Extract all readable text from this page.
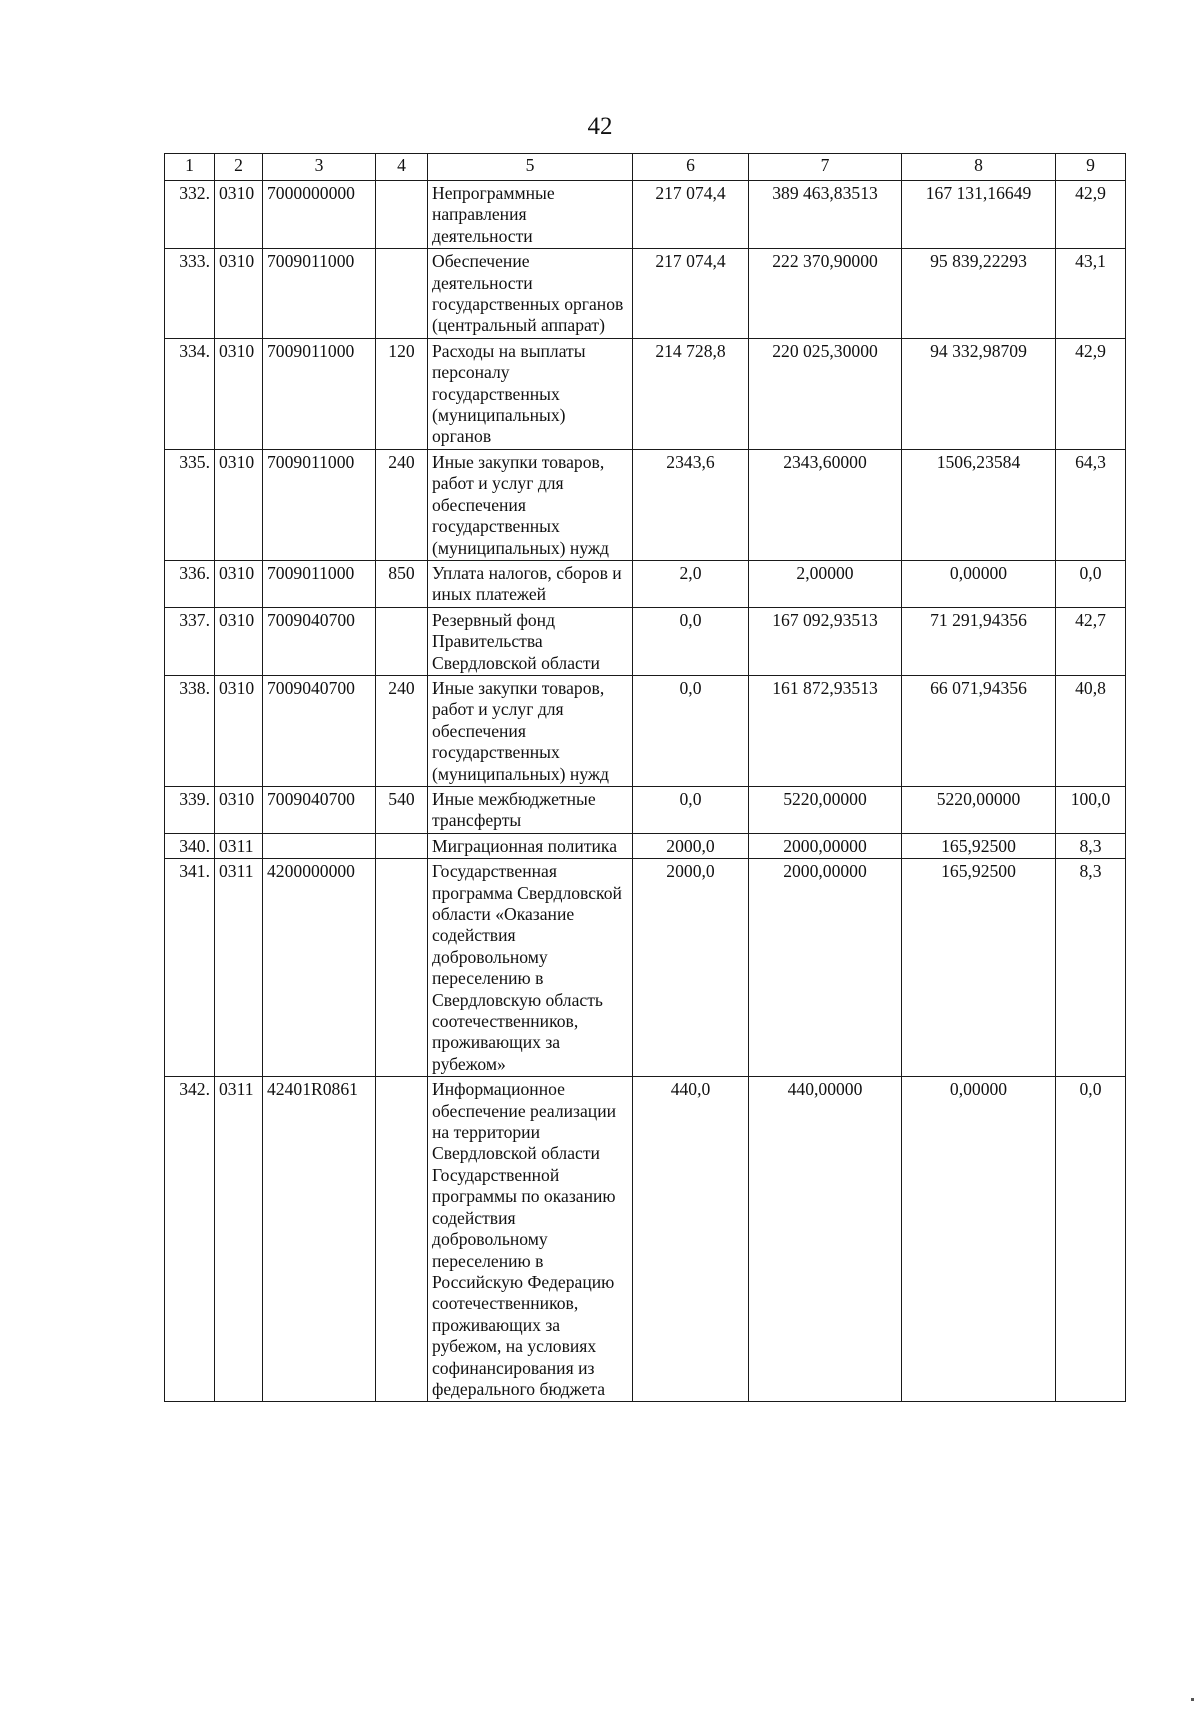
42
1	2	3	4	5	6	7	8	9
332.	0310	7000000000		Непрограммные направления деятельности	217 074,4	389 463,83513	167 131,16649	42,9
333.	0310	7009011000		Обеспечение деятельности государственных органов (центральный аппарат)	217 074,4	222 370,90000	95 839,22293	43,1
334.	0310	7009011000	120	Расходы на выплаты персоналу государственных (муниципальных) органов	214 728,8	220 025,30000	94 332,98709	42,9
335.	0310	7009011000	240	Иные закупки товаров, работ и услуг для обеспечения государственных (муниципальных) нужд	2343,6	2343,60000	1506,23584	64,3
336.	0310	7009011000	850	Уплата налогов, сборов и иных платежей	2,0	2,00000	0,00000	0,0
337.	0310	7009040700		Резервный фонд Правительства Свердловской области	0,0	167 092,93513	71 291,94356	42,7
338.	0310	7009040700	240	Иные закупки товаров, работ и услуг для обеспечения государственных (муниципальных) нужд	0,0	161 872,93513	66 071,94356	40,8
339.	0310	7009040700	540	Иные межбюджетные трансферты	0,0	5220,00000	5220,00000	100,0
340.	0311			Миграционная политика	2000,0	2000,00000	165,92500	8,3
341.	0311	4200000000		Государственная программа Свердловской области «Оказание содействия добровольному переселению в Свердловскую область соотечественников, проживающих за рубежом»	2000,0	2000,00000	165,92500	8,3
342.	0311	42401R0861		Информационное обеспечение реализации на территории Свердловской области Государственной программы по оказанию содействия добровольному переселению в Российскую Федерацию соотечественников, проживающих за рубежом, на условиях софинансирования из федерального бюджета	440,0	440,00000	0,00000	0,0
